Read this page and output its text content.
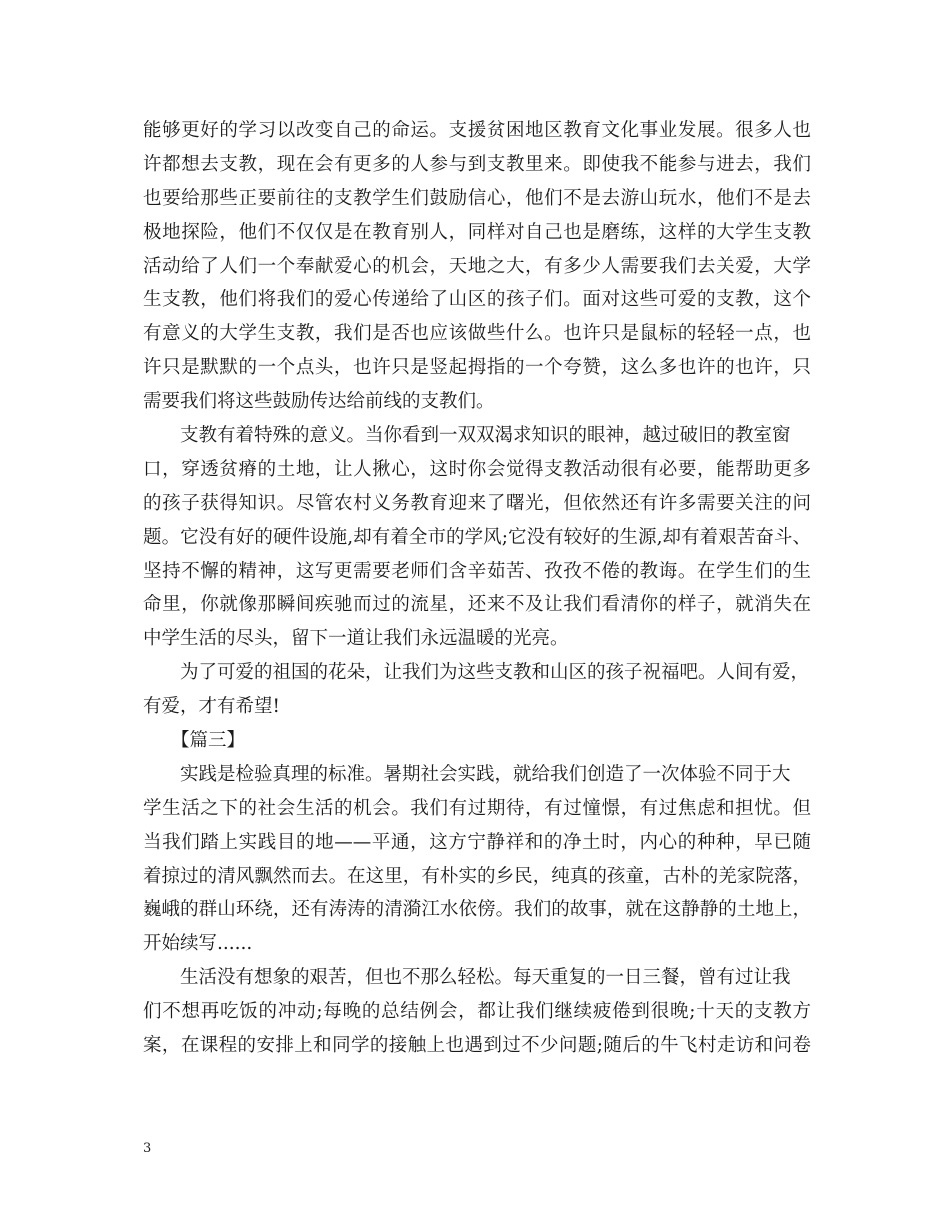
能够更好的学习以改变自己的命运。支援贫困地区教育文化事业发展。很多人也
许都想去支教，现在会有更多的人参与到支教里来。即使我不能参与进去，我们
也要给那些正要前往的支教学生们鼓励信心，他们不是去游山玩水，他们不是去
极地探险，他们不仅仅是在教育别人，同样对自己也是磨练，这样的大学生支教
活动给了人们一个奉献爱心的机会，天地之大，有多少人需要我们去关爱，大学
生支教，他们将我们的爱心传递给了山区的孩子们。面对这些可爱的支教，这个
有意义的大学生支教，我们是否也应该做些什么。也许只是鼠标的轻轻一点，也
许只是默默的一个点头，也许只是竖起拇指的一个夸赞，这么多也许的也许，只
需要我们将这些鼓励传达给前线的支教们。
支教有着特殊的意义。当你看到一双双渴求知识的眼神，越过破旧的教室窗
口，穿透贫瘠的土地，让人揪心，这时你会觉得支教活动很有必要，能帮助更多
的孩子获得知识。尽管农村义务教育迎来了曙光，但依然还有许多需要关注的问
题。它没有好的硬件设施,却有着全市的学风;它没有较好的生源,却有着艰苦奋斗、
坚持不懈的精神，这写更需要老师们含辛茹苦、孜孜不倦的教诲。在学生们的生
命里，你就像那瞬间疾驰而过的流星，还来不及让我们看清你的样子，就消失在
中学生活的尽头，留下一道让我们永远温暖的光亮。
为了可爱的祖国的花朵，让我们为这些支教和山区的孩子祝福吧。人间有爱，
有爱，才有希望!
【篇三】
实践是检验真理的标准。暑期社会实践，就给我们创造了一次体验不同于大
学生活之下的社会生活的机会。我们有过期待，有过憧憬，有过焦虑和担忧。但
当我们踏上实践目的地——平通，这方宁静祥和的净土时，内心的种种，早已随
着掠过的清风飘然而去。在这里，有朴实的乡民，纯真的孩童，古朴的羌家院落，
巍峨的群山环绕，还有涛涛的清漪江水依傍。我们的故事，就在这静静的土地上，
开始续写......
生活没有想象的艰苦，但也不那么轻松。每天重复的一日三餐，曾有过让我
们不想再吃饭的冲动;每晚的总结例会，都让我们继续疲倦到很晚;十天的支教方
案，在课程的安排上和同学的接触上也遇到过不少问题;随后的牛飞村走访和问卷
3
